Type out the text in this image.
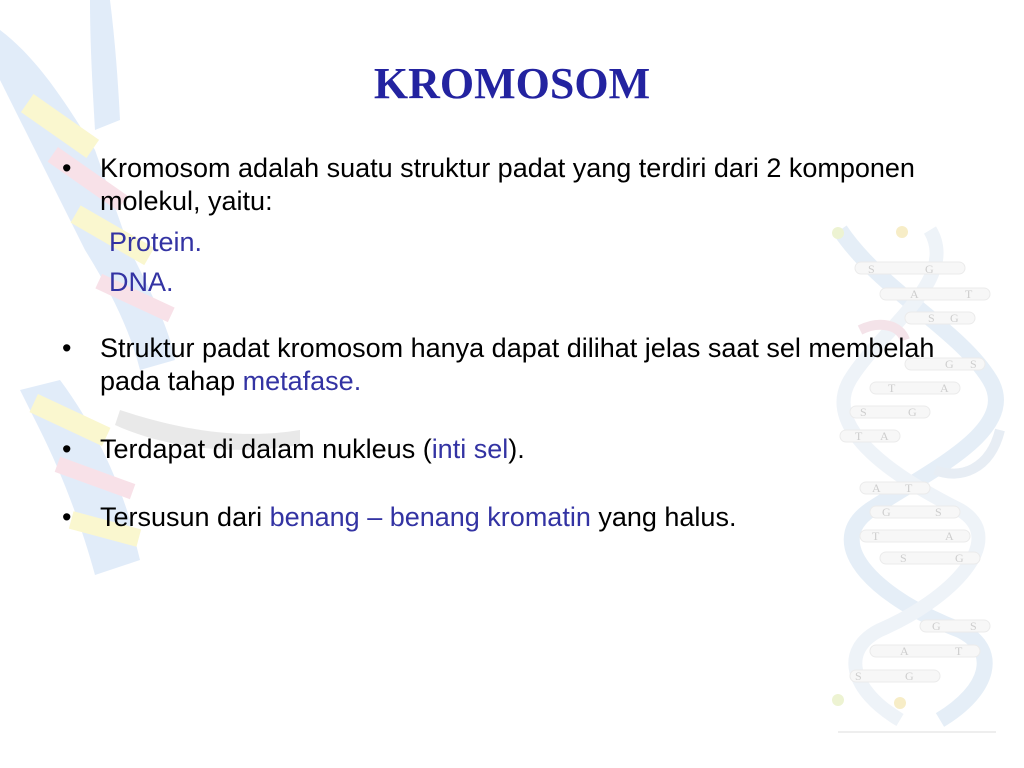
S	G
A	T
S G
G S
T	A
S	G
T A
A T
G	S
T	A
S	G
G S
A	T
S	G
KROMOSOM
•	Kromosom adalah suatu struktur padat yang terdiri dari 2 komponen molekul, yaitu:
Protein.
DNA.
•	Struktur padat kromosom hanya dapat dilihat jelas saat sel membelah pada tahap metafase.
•	Terdapat di dalam nukleus (inti sel).
•	Tersusun dari benang – benang kromatin yang halus.
